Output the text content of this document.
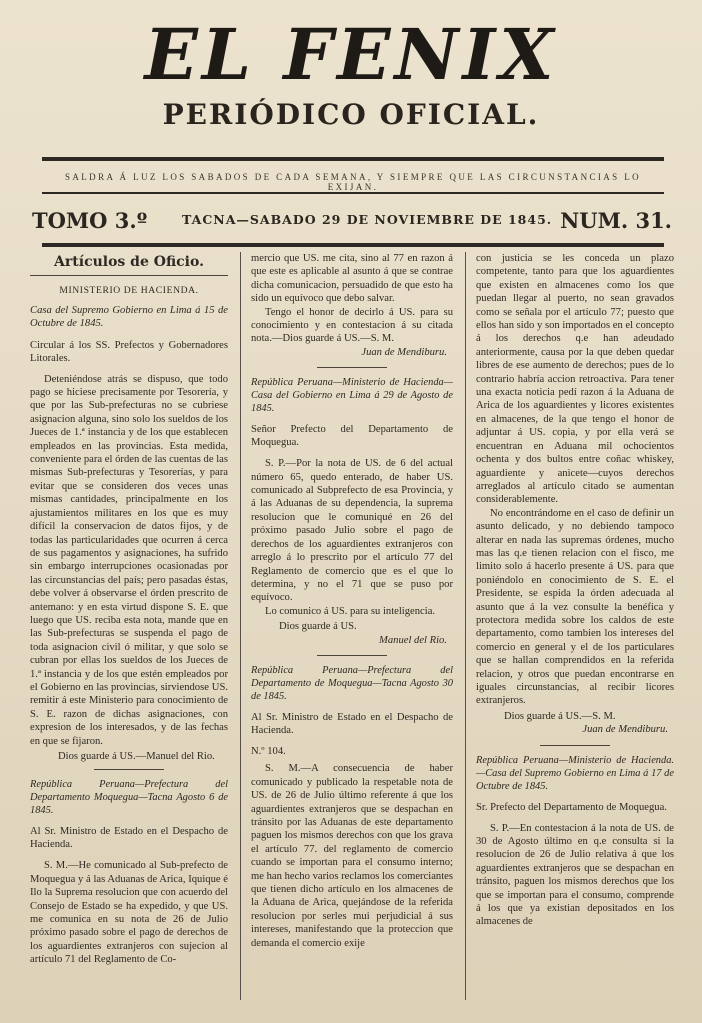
EL FENIX
PERIÓDICO OFICIAL.
SALDRA Á LUZ LOS SABADOS DE CADA SEMANA, Y SIEMPRE QUE LAS CIRCUNSTANCIAS LO EXIJAN.
TOMO 3.º	TACNA—SABADO 29 DE NOVIEMBRE DE 1845. NUM. 31.
Artículos de Oficio.
MINISTERIO DE HACIENDA.
Casa del Supremo Gobierno en Lima á 15 de Octubre de 1845.
Circular á los SS. Prefectos y Gobernadores Litorales.

Deteniéndose atrás se dispuso, que todo pago se hiciese precisamente por Tesorería, y que por las Sub-prefecturas no se cubriese asignacion alguna, sino solo los sueldos de los Jueces de 1.ª instancia y de los que establecen empleados en las provincias. Esta medida, conveniente para el órden de las cuentas de las mismas Sub-prefecturas y Tesorerías, y para evitar que se consideren dos veces unas mismas cantidades, principalmente en los ajustamientos militares en los que es muy difícil la conservacion de datos fijos, y de todas las particularidades que ocurren á cerca de sus pagamentos y asignaciones, ha sufrido sin embargo interrupciones ocasionadas por las circunstancias del país; pero pasadas éstas, debe volver á observarse el órden prescrito de antemano: y en esta virtud dispone S. E. que luego que US. reciba esta nota, mande que en las Sub-prefecturas se suspenda el pago de toda asignacion civil ó militar, y que solo se cubran por ellas los sueldos de los Jueces de 1.ª instancia y de los que estén empleados por el Gobierno en las provincias, sirviendose US. remitir á este Ministerio para conocimiento de S. E. razon de dichas asignaciones, con expresion de los interesados, y de las fechas en que se fijaron.

Dios guarde á US.—Manuel del Rio.

República Peruana—Prefectura del Departamento Moquegua—Tacna Agosto 6 de 1845.
Al Sr. Ministro de Estado en el Despacho de Hacienda.

S. M.—He comunicado al Sub-prefecto de Moquegua y á las Aduanas de Arica, Iquique é Ilo la Suprema resolucion que con acuerdo del Consejo de Estado se ha expedido, y que US. me comunica en su nota de 26 de Julio próximo pasado sobre el pago de derechos de los aguardientes extranjeros con sujecion al artículo 71 del Reglamento de Co-

mercio que US. me cita, sino al 77 en razon á que este es aplicable al asunto á que se contrae dicha comunicacion, persuadido de que esto ha sido un equívoco que debo salvar.

Tengo el honor de decirlo á US. para su conocimiento y en contestacion á su citada nota.—Dios guarde á US.—S. M.

Juan de Mendiburu.
República Peruana—Ministerio de Hacienda—Casa del Gobierno en Lima á 29 de Agosto de 1845.
Señor Prefecto del Departamento de Moquegua.

S. P.—Por la nota de US. de 6 del actual número 65, quedo enterado, de haber US. comunicado al Subprefecto de esa Provincia, y á las Aduanas de su dependencia, la suprema resolucion que le comuniqué en 26 del próximo pasado Julio sobre el pago de derechos de los aguardientes extranjeros con arreglo á lo prescrito por el artículo 77 del Reglamento de comercio que es el que lo determina, y no el 71 que se puso por equívoco.

Lo comunico á US. para su inteligencia.

Dios guarde á US.

Manuel del Rio.
República Peruana—Prefectura del Departamento de Moquegua—Tacna Agosto 30 de 1845.
Al Sr. Ministro de Estado en el Despacho de Hacienda.
N.º 104.

S. M.—A consecuencia de haber comunicado y publicado la respetable nota de US. de 26 de Julio último referente á que los aguardientes extranjeros que se despachan en tránsito por las Aduanas de este departamento paguen los mismos derechos con que los grava el artículo 77. del reglamento de comercio cuando se importan para el consumo interno; me han hecho varios reclamos los comerciantes que tienen dicho artículo en los almacenes de la Aduana de Arica, quejándose de la referida resolucion por serles mui perjudicial á sus intereses, manifestando que la proteccion que demanda el comercio exije

con justicia se les conceda un plazo competente, tanto para que los aguardientes que existen en almacenes como los que puedan llegar al puerto, no sean gravados como se señala por el artículo 77; puesto que ellos han sido y son importados en el concepto á los derechos q.e han adeudado anteriormente, causa por la que deben quedar libres de ese aumento de derechos; pues de lo contrario habría accion retroactiva. Para tener una exacta noticia pedí razon á la Aduana de Arica de los aguardientes y licores existentes en almacenes, de la que tengo el honor de adjuntar á US. copia, y por ella verá se encuentran en Aduana mil ochocientos ochenta y dos bultos entre coñac whiskey, aguardiente y anicete—cuyos derechos arreglados al artículo citado se aumentan considerablemente.

No encontrándome en el caso de definir un asunto delicado, y no debiendo tampoco alterar en nada las supremas órdenes, mucho mas las q.e tienen relacion con el fisco, me limito solo á hacerlo presente á US. para que poniéndolo en conocimiento de S. E. el Presidente, se espida la órden adecuada al asunto que á la vez consulte la benéfica y protectora medida sobre los caldos de este departamento, como tambien los intereses del comercio en general y el de los particulares que se hallan comprendidos en la referida relacion, y otros que puedan encontrarse en iguales circunstancias, al recibir licores extranjeros.

Dios guarde á US.—S. M.

Juan de Mendiburu.
República Peruana—Ministerio de Hacienda.—Casa del Supremo Gobierno en Lima á 17 de Octubre de 1845.
Sr. Prefecto del Departamento de Moquegua.

S. P.—En contestacion á la nota de US. de 30 de Agosto último en q.e consulta si la resolucion de 26 de Julio relativa á que los aguardientes extranjeros que se despachan en tránsito, paguen los mismos derechos que los que se importan para el consumo, comprende á los que ya existian depositados en los almacenes de
